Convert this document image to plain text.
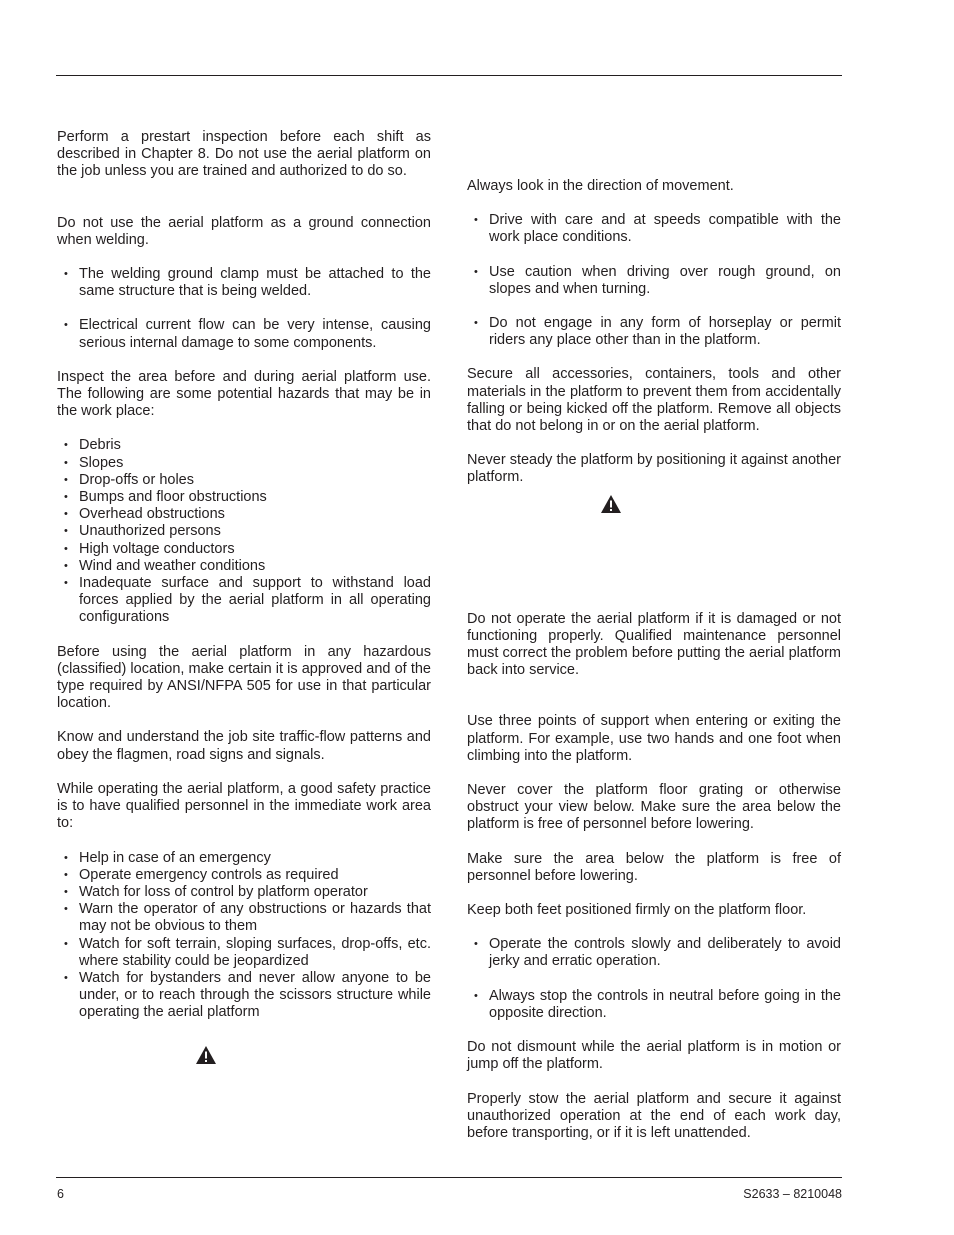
Perform a prestart inspection before each shift as described in Chapter 8. Do not use the aerial platform on the job unless you are trained and authorized to do so.

Do not use the aerial platform as a ground connection when welding.

• The welding ground clamp must be attached to the same structure that is being welded.
• Electrical current flow can be very intense, causing serious internal damage to some components.

Inspect the area before and during aerial platform use. The following are some potential hazards that may be in the work place:

• Debris
• Slopes
• Drop-offs or holes
• Bumps and floor obstructions
• Overhead obstructions
• Unauthorized persons
• High voltage conductors
• Wind and weather conditions
• Inadequate surface and support to withstand load forces applied by the aerial platform in all operating configurations

Before using the aerial platform in any hazardous (classified) location, make certain it is approved and of the type required by ANSI/NFPA 505 for use in that particular location.

Know and understand the job site traffic-flow patterns and obey the flagmen, road signs and signals.

While operating the aerial platform, a good safety practice is to have qualified personnel in the immediate work area to:

• Help in case of an emergency
• Operate emergency controls as required
• Watch for loss of control by platform operator
• Warn the operator of any obstructions or hazards that may not be obvious to them
• Watch for soft terrain, sloping surfaces, drop-offs, etc. where stability could be jeopardized
• Watch for bystanders and never allow anyone to be under, or to reach through the scissors structure while operating the aerial platform

Always look in the direction of movement.

• Drive with care and at speeds compatible with the work place conditions.
• Use caution when driving over rough ground, on slopes and when turning.
• Do not engage in any form of horseplay or permit riders any place other than in the platform.

Secure all accessories, containers, tools and other materials in the platform to prevent them from accidentally falling or being kicked off the platform. Remove all objects that do not belong in or on the aerial platform.

Never steady the platform by positioning it against another platform.

Do not operate the aerial platform if it is damaged or not functioning properly. Qualified maintenance personnel must correct the problem before putting the aerial platform back into service.

Use three points of support when entering or exiting the platform. For example, use two hands and one foot when climbing into the platform.

Never cover the platform floor grating or otherwise obstruct your view below. Make sure the area below the platform is free of personnel before lowering.

Make sure the area below the platform is free of personnel before lowering.

Keep both feet positioned firmly on the platform floor.

• Operate the controls slowly and deliberately to avoid jerky and erratic operation.
• Always stop the controls in neutral before going in the opposite direction.

Do not dismount while the aerial platform is in motion or jump off the platform.

Properly stow the aerial platform and secure it against unauthorized operation at the end of each work day, before transporting, or if it is left unattended.

6	S2633 – 8210048
